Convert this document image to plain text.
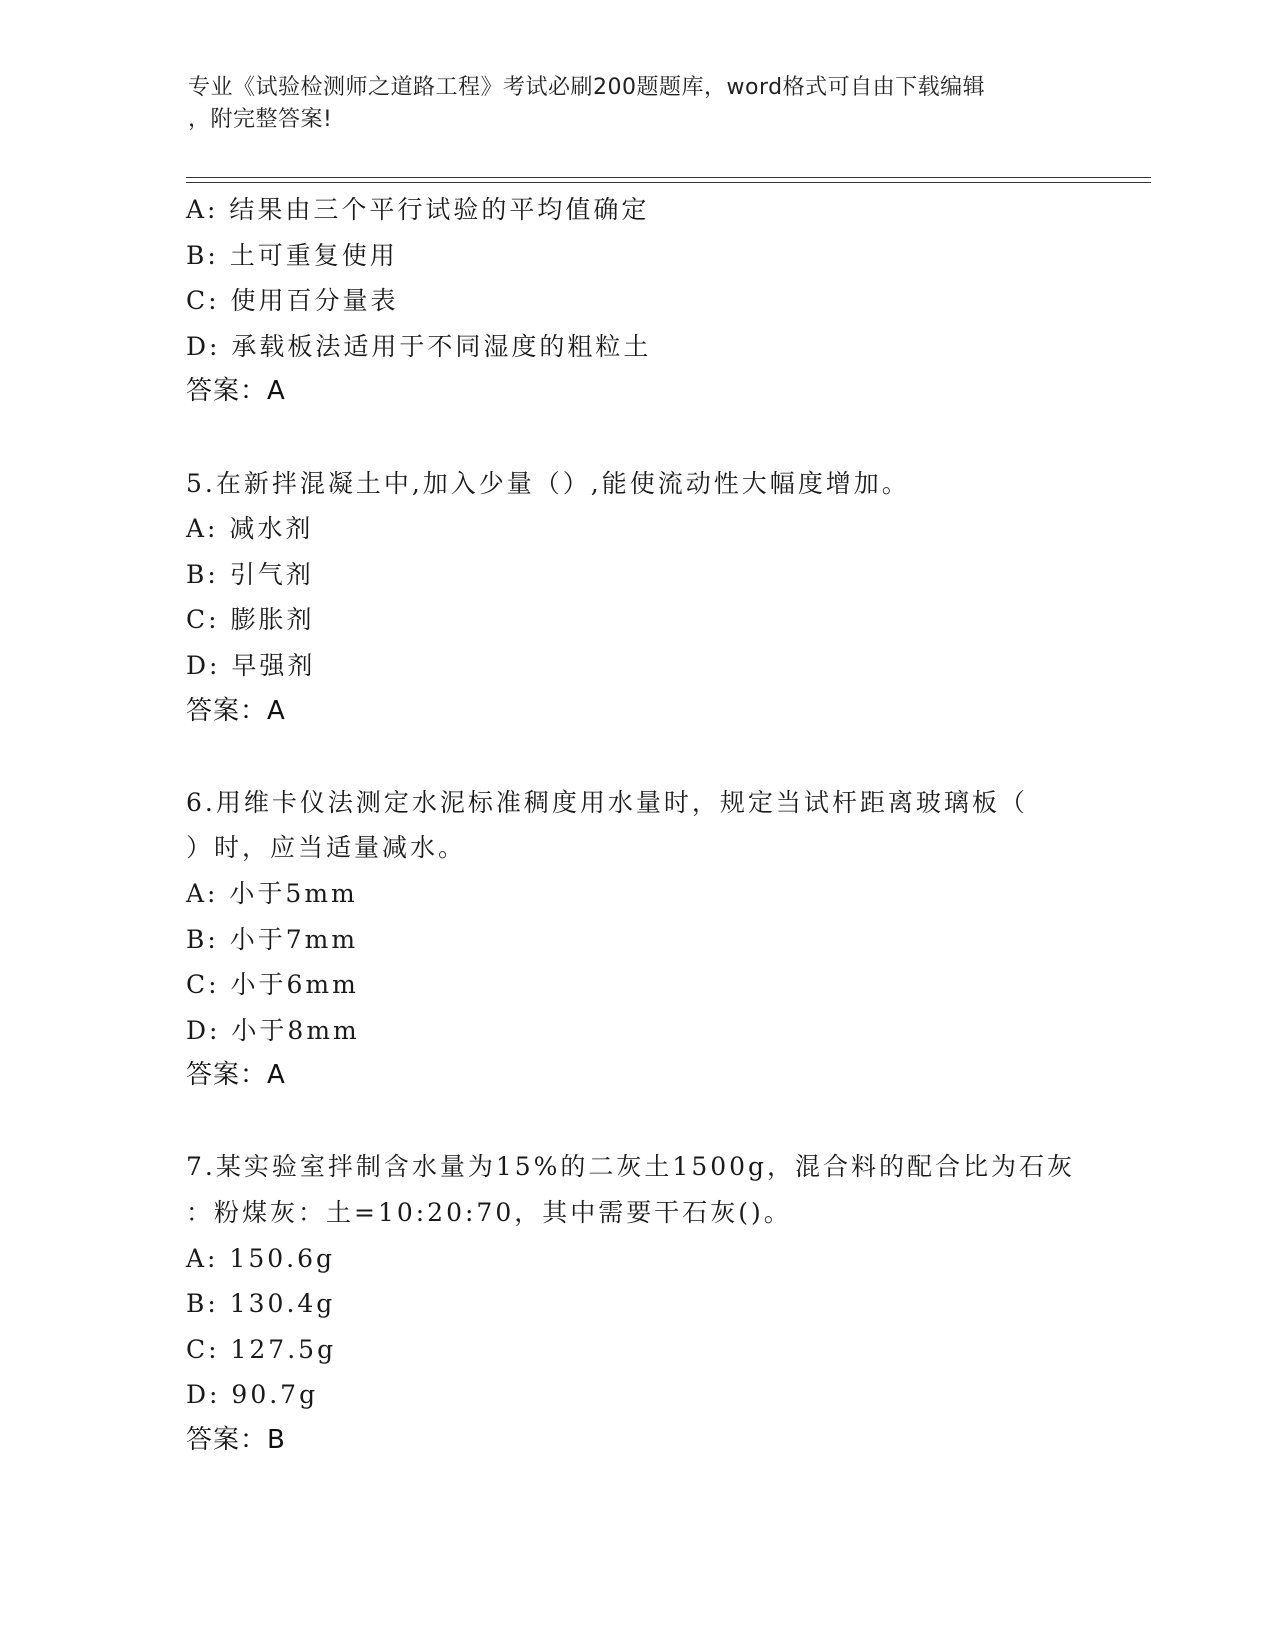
专业《试验检测师之道路工程》考试必刷200题题库，word格式可自由下载编辑
，附完整答案!
A: 结果由三个平行试验的平均值确定
B: 土可重复使用
C: 使用百分量表
D: 承载板法适用于不同湿度的粗粒土
答案：A
5.在新拌混凝土中,加入少量（）,能使流动性大幅度增加。
A: 减水剂
B: 引气剂
C: 膨胀剂
D: 早强剂
答案：A
6.用维卡仪法测定水泥标准稠度用水量时，规定当试杆距离玻璃板（
）时，应当适量减水。
A: 小于5mm
B: 小于7mm
C: 小于6mm
D: 小于8mm
答案：A
7.某实验室拌制含水量为15%的二灰土1500g，混合料的配合比为石灰
：粉煤灰：土=10:20:70，其中需要干石灰()。
A: 150.6g
B: 130.4g
C: 127.5g
D: 90.7g
答案：B
